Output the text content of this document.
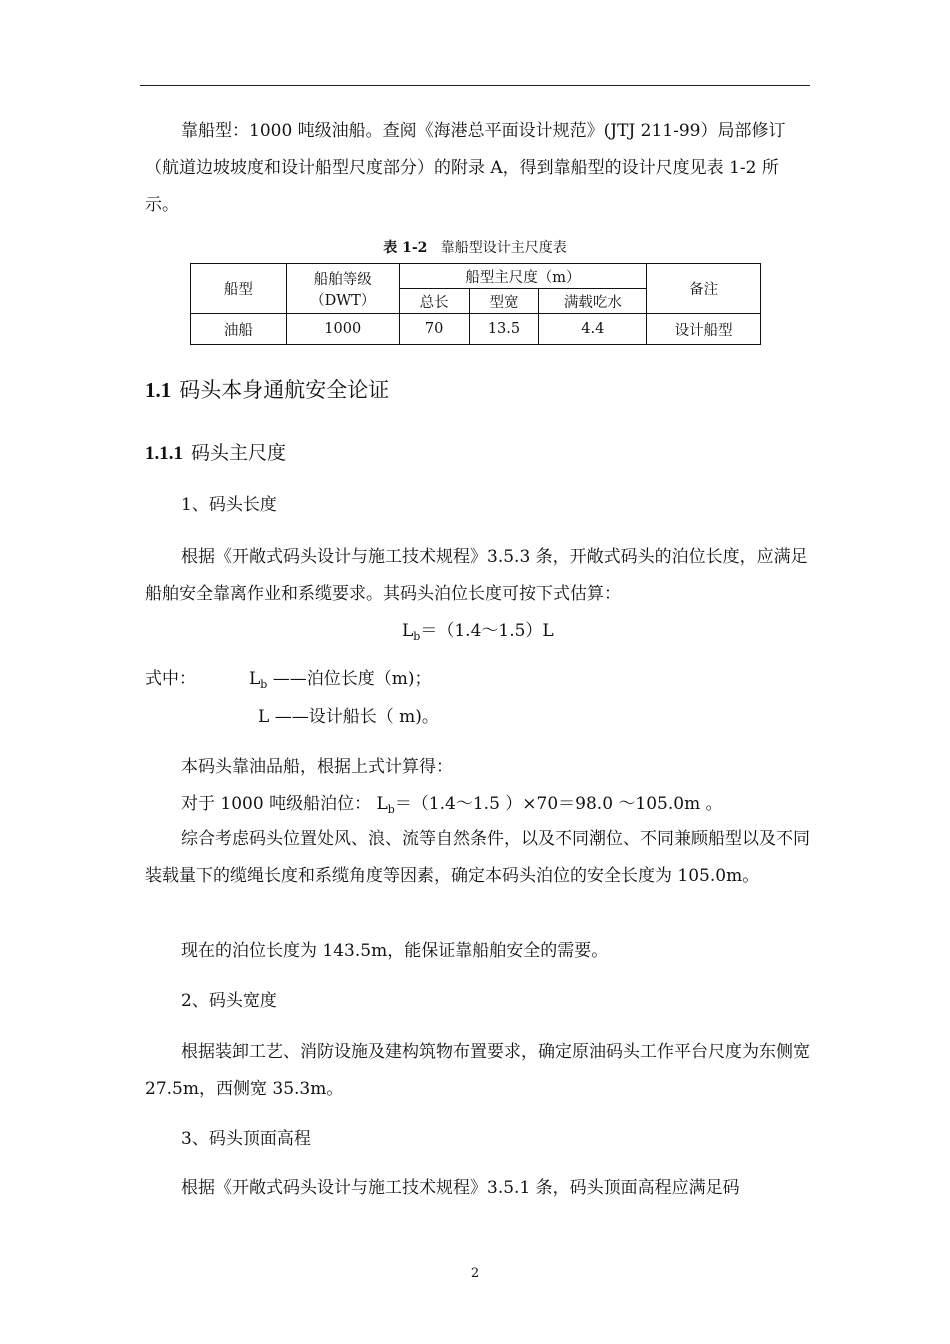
靠船型：1000 吨级油船。查阅《海港总平面设计规范》(JTJ 211-99）局部修订（航道边坡坡度和设计船型尺度部分）的附录 A，得到靠船型的设计尺度见表 1-2 所示。
表 1-2 靠船型设计主尺度表
船型	船舶等级
（DWT）	船型主尺度（m）			备注
		总长	型宽	满载吃水	
油船	1000	70	13.5	4.4	设计船型
1.1 码头本身通航安全论证
1.1.1 码头主尺度
1、码头长度
根据《开敞式码头设计与施工技术规程》3.5.3 条，开敞式码头的泊位长度，应满足船舶安全靠离作业和系缆要求。其码头泊位长度可按下式估算：
$L_b=(1.4\sim 1.5)L$
式中：	$L_b$ ——泊位长度（m)；
L ——设计船长（ m)。
本码头靠油品船，根据上式计算得：
对于 1000 吨级船泊位： $L_b=(1.4\sim 1.5$ ）×70＝98.0 ～105.0m 。
综合考虑码头位置处风、浪、流等自然条件，以及不同潮位、不同兼顾船型以及不同装载量下的缆绳长度和系缆角度等因素，确定本码头泊位的安全长度为 105.0m。
现在的泊位长度为 143.5m，能保证靠船舶安全的需要。
2、码头宽度
根据装卸工艺、消防设施及建构筑物布置要求，确定原油码头工作平台尺度为东侧宽 27.5m，西侧宽 35.3m。
3、码头顶面高程
根据《开敞式码头设计与施工技术规程》3.5.1 条，码头顶面高程应满足码
2
